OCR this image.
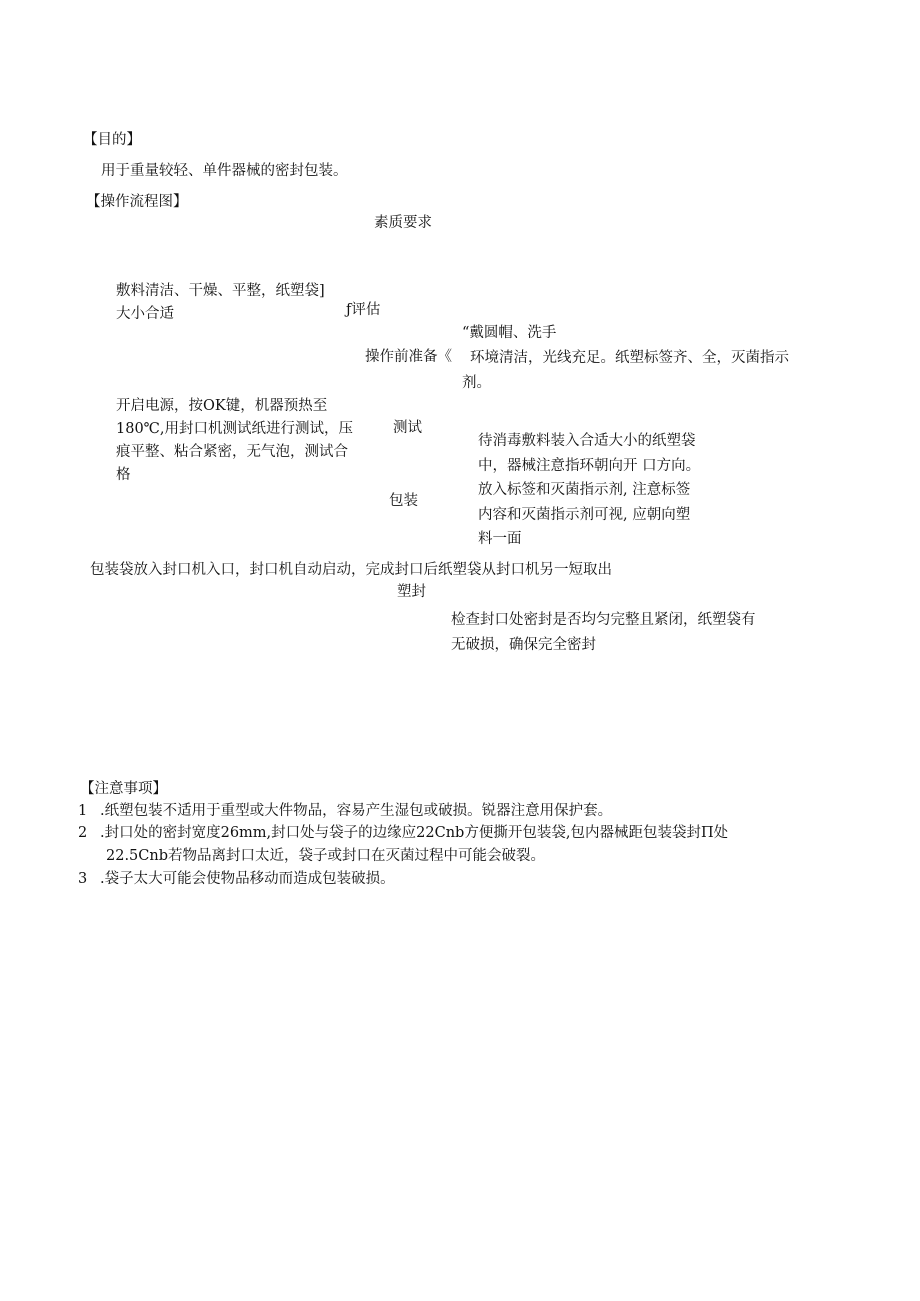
【目的】
用于重量较轻、单件器械的密封包装。
【操作流程图】
素质要求
敷料清洁、干燥、平整，纸塑袋]
大小合适	ƒ评估
“戴圆帽、洗手
操作前准备《 环境清洁，光线充足。纸塑标签齐、全，灭菌指示
剂。
开启电源，按OK键，机器预热至
180℃,用封口机测试纸进行测试，压
痕平整、粘合紧密，无气泡，测试合
格
测试
待消毒敷料装入合适大小的纸塑袋
中，器械注意指环朝向开 口方向。
放入标签和灭菌指示剂, 注意标签
内容和灭菌指示剂可视, 应朝向塑
料一面
包装
包装袋放入封口机入口，封口机自动启动，完成封口后纸塑袋从封口机另一短取出
塑封
检查封口处密封是否均匀完整且紧闭，纸塑袋有
无破损，确保完全密封
【注意事项】
1 .纸塑包装不适用于重型或大件物品，容易产生湿包或破损。锐器注意用保护套。
2 .封口处的密封宽度26mm,封口处与袋子的边缘应22Cnb方便撕开包装袋,包内器械距包装袋封Π处
22.5Cnb若物品离封口太近，袋子或封口在灭菌过程中可能会破裂。
3 .袋子太大可能会使物品移动而造成包装破损。
